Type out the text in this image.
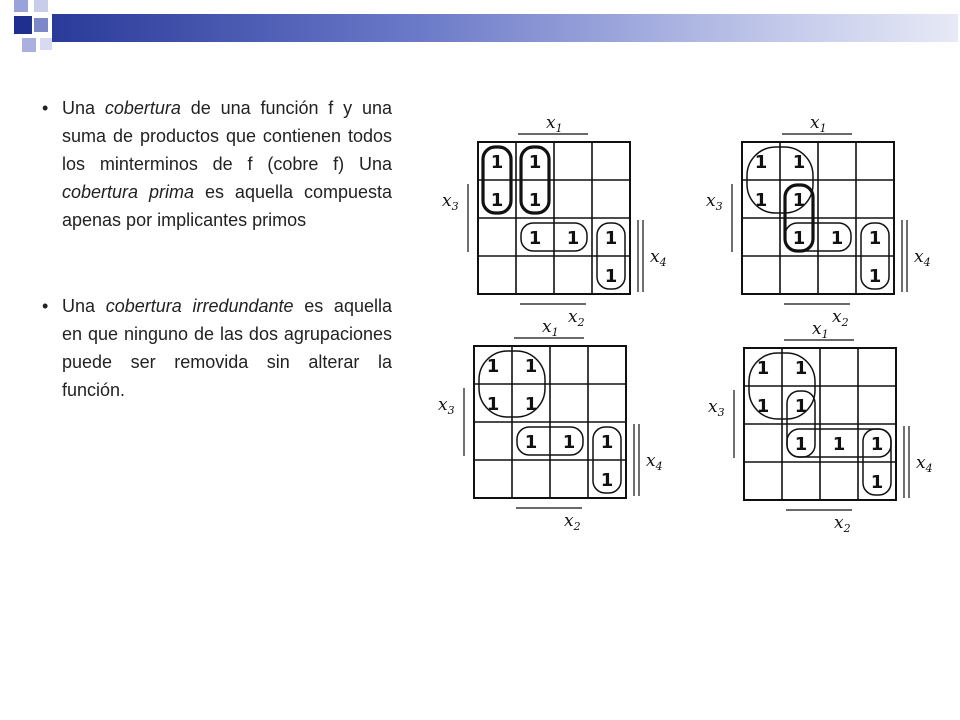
• Una cobertura de una función f y una suma de productos que contienen todos los minterminos de f (cobre f) Una cobertura prima es aquella compuesta apenas por implicantes primos
• Una cobertura irredundante es aquella en que ninguno de las dos agrupaciones puede ser removida sin alterar la función.
$x_1$
$x_3$
$x_4$
$x_2$
1 1
1 1
1 1 1
1
$x_1$
$x_3$
$x_4$
$x_2$
1 1
1 1
1 1 1
1
$x_1$
$x_3$
$x_4$
$x_2$
1 1
1 1
1 1 1
1
$x_1$
$x_3$
$x_4$
$x_2$
1 1
1 1
1 1 1
1
